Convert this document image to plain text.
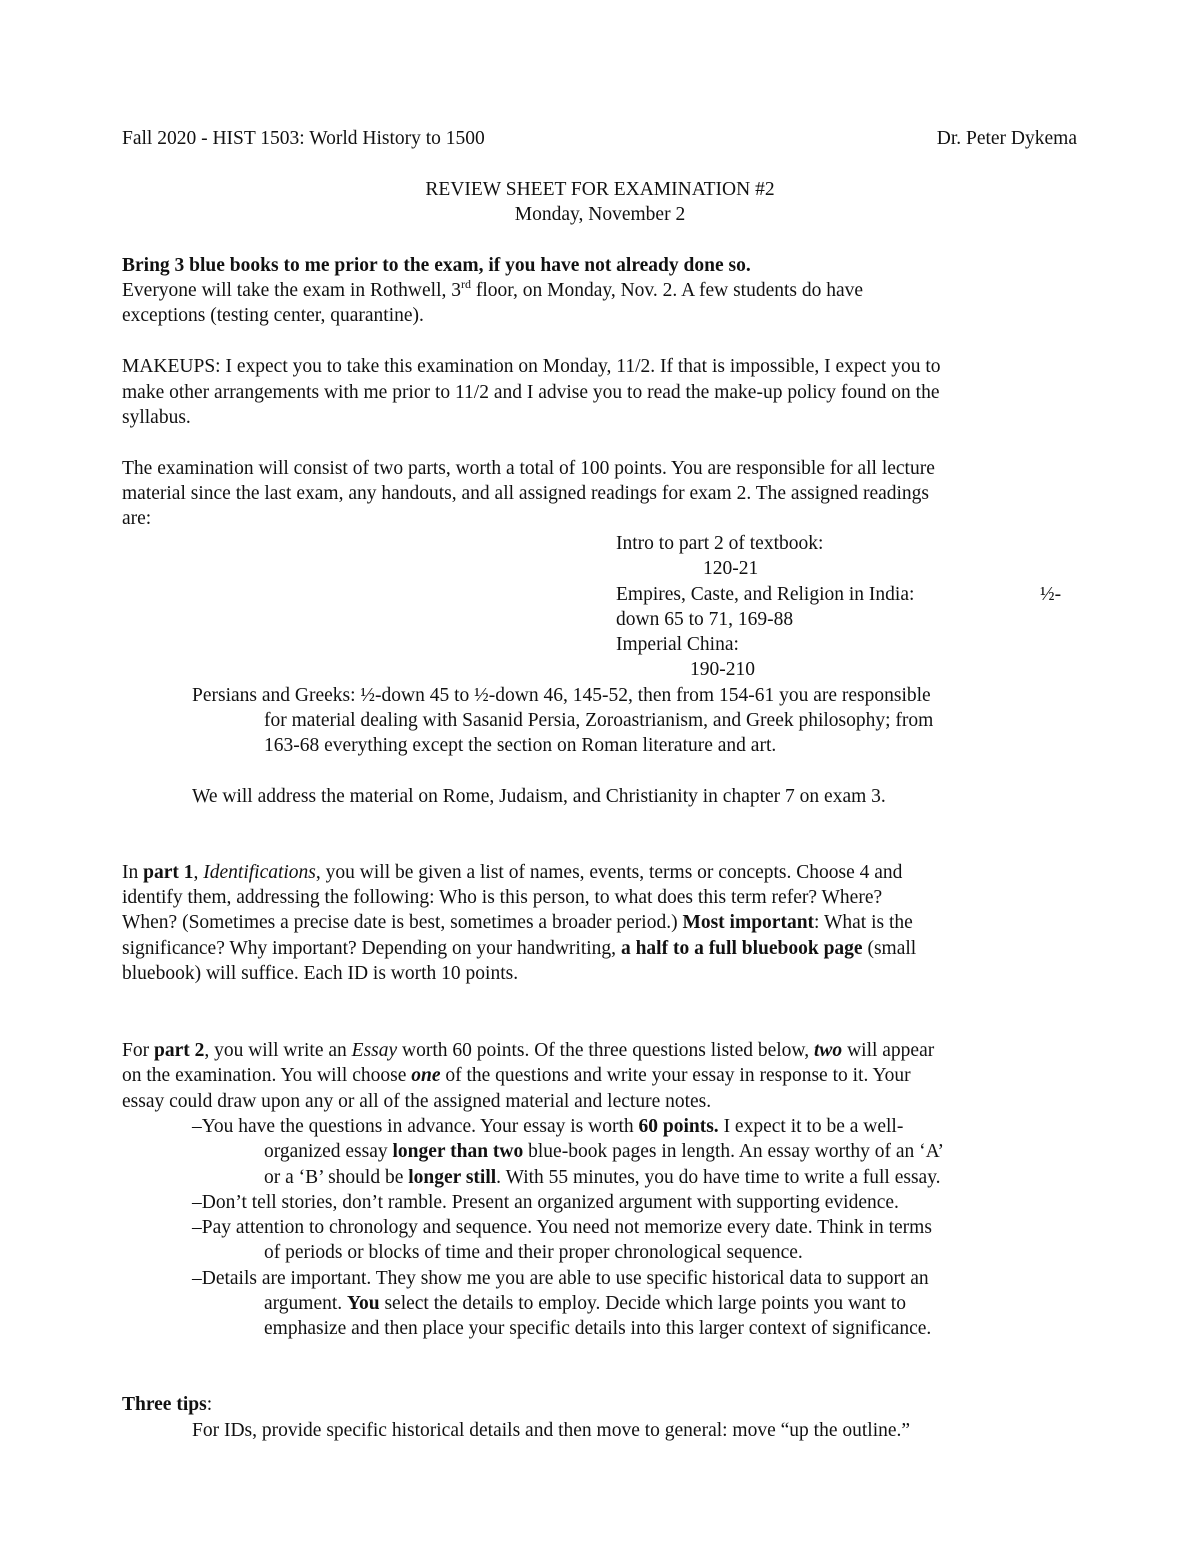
Fall 2020 - HIST 1503: World History to 1500	Dr. Peter Dykema
REVIEW SHEET FOR EXAMINATION #2
Monday, November 2
Bring 3 blue books to me prior to the exam, if you have not already done so.
Everyone will take the exam in Rothwell, 3rd floor, on Monday, Nov. 2. A few students do have
exceptions (testing center, quarantine).
MAKEUPS: I expect you to take this examination on Monday, 11/2. If that is impossible, I expect you to
make other arrangements with me prior to 11/2 and I advise you to read the make-up policy found on the
syllabus.
The examination will consist of two parts, worth a total of 100 points. You are responsible for all lecture
material since the last exam, any handouts, and all assigned readings for exam 2. The assigned readings
are:
Intro to part 2 of textbook:
120-21
Empires, Caste, and Religion in India:	½-
down 65 to 71, 169-88
Imperial China:
190-210
Persians and Greeks: ½-down 45 to ½-down 46, 145-52, then from 154-61 you are responsible
for material dealing with Sasanid Persia, Zoroastrianism, and Greek philosophy; from
163-68 everything except the section on Roman literature and art.
We will address the material on Rome, Judaism, and Christianity in chapter 7 on exam 3.
In part 1, Identifications, you will be given a list of names, events, terms or concepts. Choose 4 and
identify them, addressing the following: Who is this person, to what does this term refer? Where?
When? (Sometimes a precise date is best, sometimes a broader period.) Most important: What is the
significance? Why important? Depending on your handwriting, a half to a full bluebook page (small
bluebook) will suffice. Each ID is worth 10 points.
For part 2, you will write an Essay worth 60 points. Of the three questions listed below, two will appear
on the examination. You will choose one of the questions and write your essay in response to it. Your
essay could draw upon any or all of the assigned material and lecture notes.
–You have the questions in advance. Your essay is worth 60 points. I expect it to be a well-
organized essay longer than two blue-book pages in length. An essay worthy of an ‘A’
or a ‘B’ should be longer still. With 55 minutes, you do have time to write a full essay.
–Don’t tell stories, don’t ramble. Present an organized argument with supporting evidence.
–Pay attention to chronology and sequence. You need not memorize every date. Think in terms
of periods or blocks of time and their proper chronological sequence.
–Details are important. They show me you are able to use specific historical data to support an
argument. You select the details to employ. Decide which large points you want to
emphasize and then place your specific details into this larger context of significance.
Three tips:
For IDs, provide specific historical details and then move to general: move “up the outline.”
